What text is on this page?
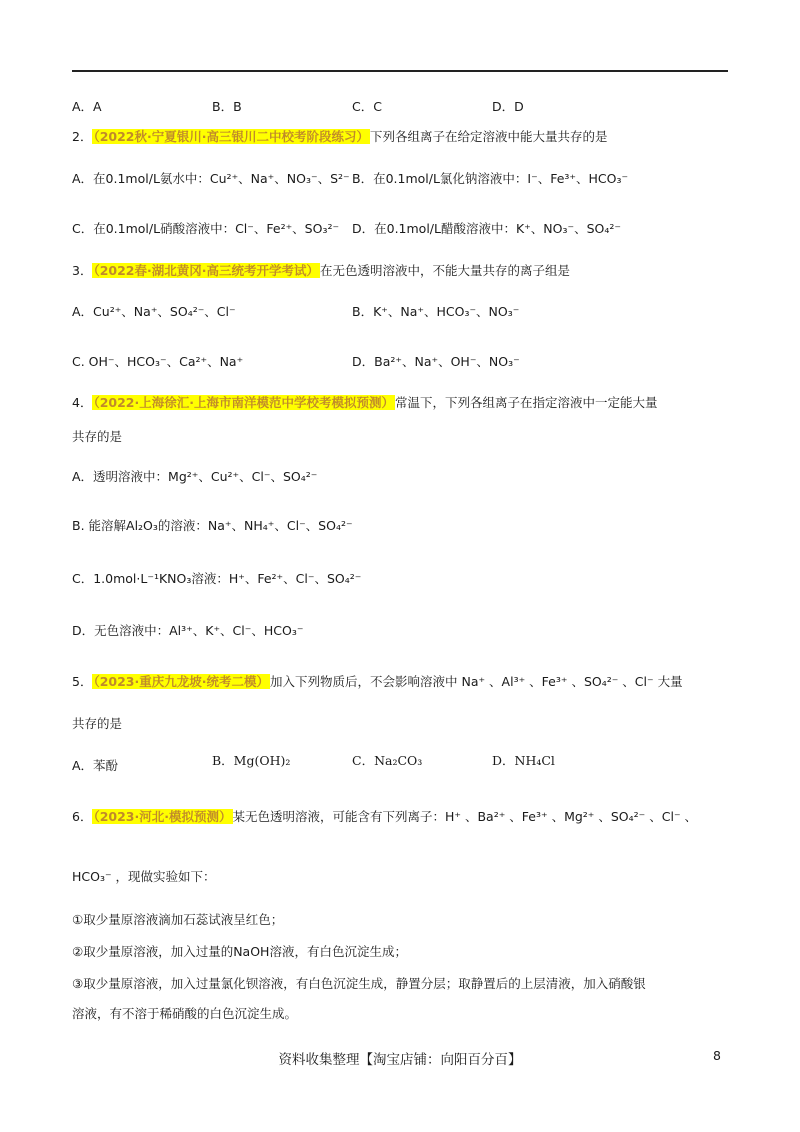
A．A	B．B	C．C	D．D
2．（2022秋·宁夏银川·高三银川二中校考阶段练习）下列各组离子在给定溶液中能大量共存的是
A．在0.1mol/L氨水中：Cu²⁺、Na⁺、NO₃⁻、S²⁻ B．在0.1mol/L氯化钠溶液中：I⁻、Fe³⁺、HCO₃⁻
C．在0.1mol/L硝酸溶液中：Cl⁻、Fe²⁺、SO₃²⁻ D．在0.1mol/L醋酸溶液中：K⁺、NO₃⁻、SO₄²⁻
3．（2022春·湖北黄冈·高三统考开学考试）在无色透明溶液中，不能大量共存的离子组是
A．Cu²⁺、Na⁺、SO₄²⁻、Cl⁻	B．K⁺、Na⁺、HCO₃⁻、NO₃⁻
C. OH⁻、HCO₃⁻、Ca²⁺、Na⁺	D．Ba²⁺、Na⁺、OH⁻、NO₃⁻
4．（2022·上海徐汇·上海市南洋模范中学校考模拟预测）常温下，下列各组离子在指定溶液中一定能大量
共存的是
A．透明溶液中：Mg²⁺、Cu²⁺、Cl⁻、SO₄²⁻
B. 能溶解Al₂O₃的溶液：Na⁺、NH₄⁺、Cl⁻、SO₄²⁻
C．1.0mol·L⁻¹KNO₃溶液：H⁺、Fe²⁺、Cl⁻、SO₄²⁻
D．无色溶液中：Al³⁺、K⁺、Cl⁻、HCO₃⁻
5．（2023·重庆九龙坡·统考二模）加入下列物质后，不会影响溶液中 Na⁺ 、Al³⁺ 、Fe³⁺ 、SO₄²⁻ 、Cl⁻ 大量
共存的是
A．苯酚	B．Mg(OH)₂	C．Na₂CO₃	D．NH₄Cl
6．（2023·河北·模拟预测）某无色透明溶液，可能含有下列离子：H⁺ 、Ba²⁺ 、Fe³⁺ 、Mg²⁺ 、SO₄²⁻ 、Cl⁻ 、
HCO₃⁻ ，现做实验如下：
①取少量原溶液滴加石蕊试液呈红色；
②取少量原溶液，加入过量的NaOH溶液，有白色沉淀生成；
③取少量原溶液，加入过量氯化钡溶液，有白色沉淀生成，静置分层；取静置后的上层清液，加入硝酸银
溶液，有不溶于稀硝酸的白色沉淀生成。
资料收集整理【淘宝店铺：向阳百分百】	8
